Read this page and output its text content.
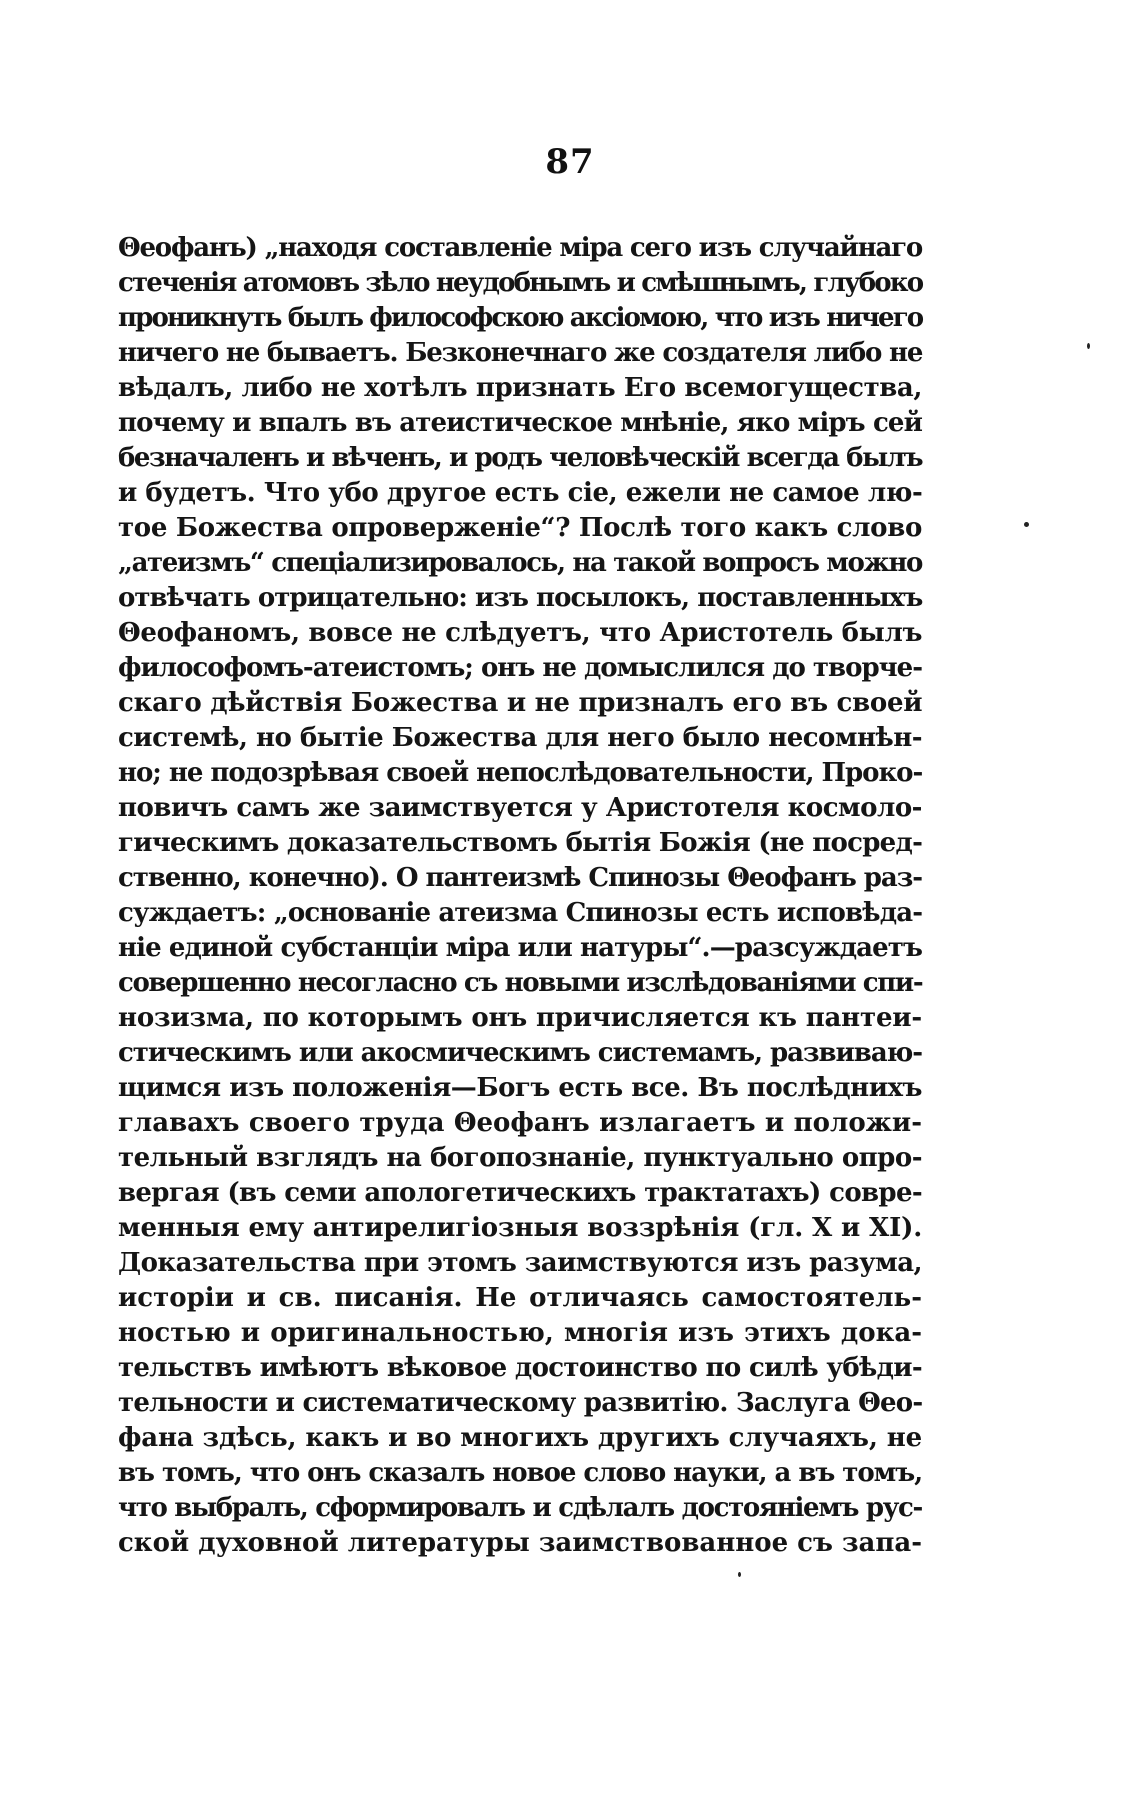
87
Θеофанъ) „находя составленіе міра сего изъ случайнаго
стеченія атомовъ зѣло неудобнымъ и смѣшнымъ, глубоко
проникнуть былъ философскою аксіомою, что изъ ничего
ничего не бываетъ. Безконечнаго же создателя либо не
вѣдалъ, либо не хотѣлъ признать Его всемогущества,
почему и впалъ въ атеистическое мнѣніе, яко міръ сей
безначаленъ и вѣченъ, и родъ человѣческій всегда былъ
и будетъ. Что убо другое есть сіе, ежели не самое лю-
тое Божества опроверженіе“? Послѣ того какъ слово
„атеизмъ“ спеціализировалось, на такой вопросъ можно
отвѣчать отрицательно: изъ посылокъ, поставленныхъ
Θеофаномъ, вовсе не слѣдуетъ, что Аристотель былъ
философомъ-атеистомъ; онъ не домыслился до творче-
скаго дѣйствія Божества и не призналъ его въ своей
системѣ, но бытіе Божества для него было несомнѣн-
но; не подозрѣвая своей непослѣдовательности, Проко-
повичъ самъ же заимствуется у Аристотеля космоло-
гическимъ доказательствомъ бытія Божія (не посред-
ственно, конечно). О пантеизмѣ Спинозы Θеофанъ раз-
суждаетъ: „основаніе атеизма Спинозы есть исповѣда-
ніе единой субстанціи міра или натуры“.—разсуждаетъ
совершенно несогласно съ новыми изслѣдованіями спи-
нозизма, по которымъ онъ причисляется къ пантеи-
стическимъ или акосмическимъ системамъ, развиваю-
щимся изъ положенія—Богъ есть все. Въ послѣднихъ
главахъ своего труда Θеофанъ излагаетъ и положи-
тельный взглядъ на богопознаніе, пунктуально опро-
вергая (въ семи апологетическихъ трактатахъ) совре-
менныя ему антирелигіозныя воззрѣнія (гл. X и XI).
Доказательства при этомъ заимствуются изъ разума,
исторіи и св. писанія. Не отличаясь самостоятель-
ностью и оригинальностью, многія изъ этихъ дока-
тельствъ имѣютъ вѣковое достоинство по силѣ убѣди-
тельности и систематическому развитію. Заслуга Θео-
фана здѣсь, какъ и во многихъ другихъ случаяхъ, не
въ томъ, что онъ сказалъ новое слово науки, а въ томъ,
что выбралъ, сформировалъ и сдѣлалъ достояніемъ рус-
ской духовной литературы заимствованное съ запа-
